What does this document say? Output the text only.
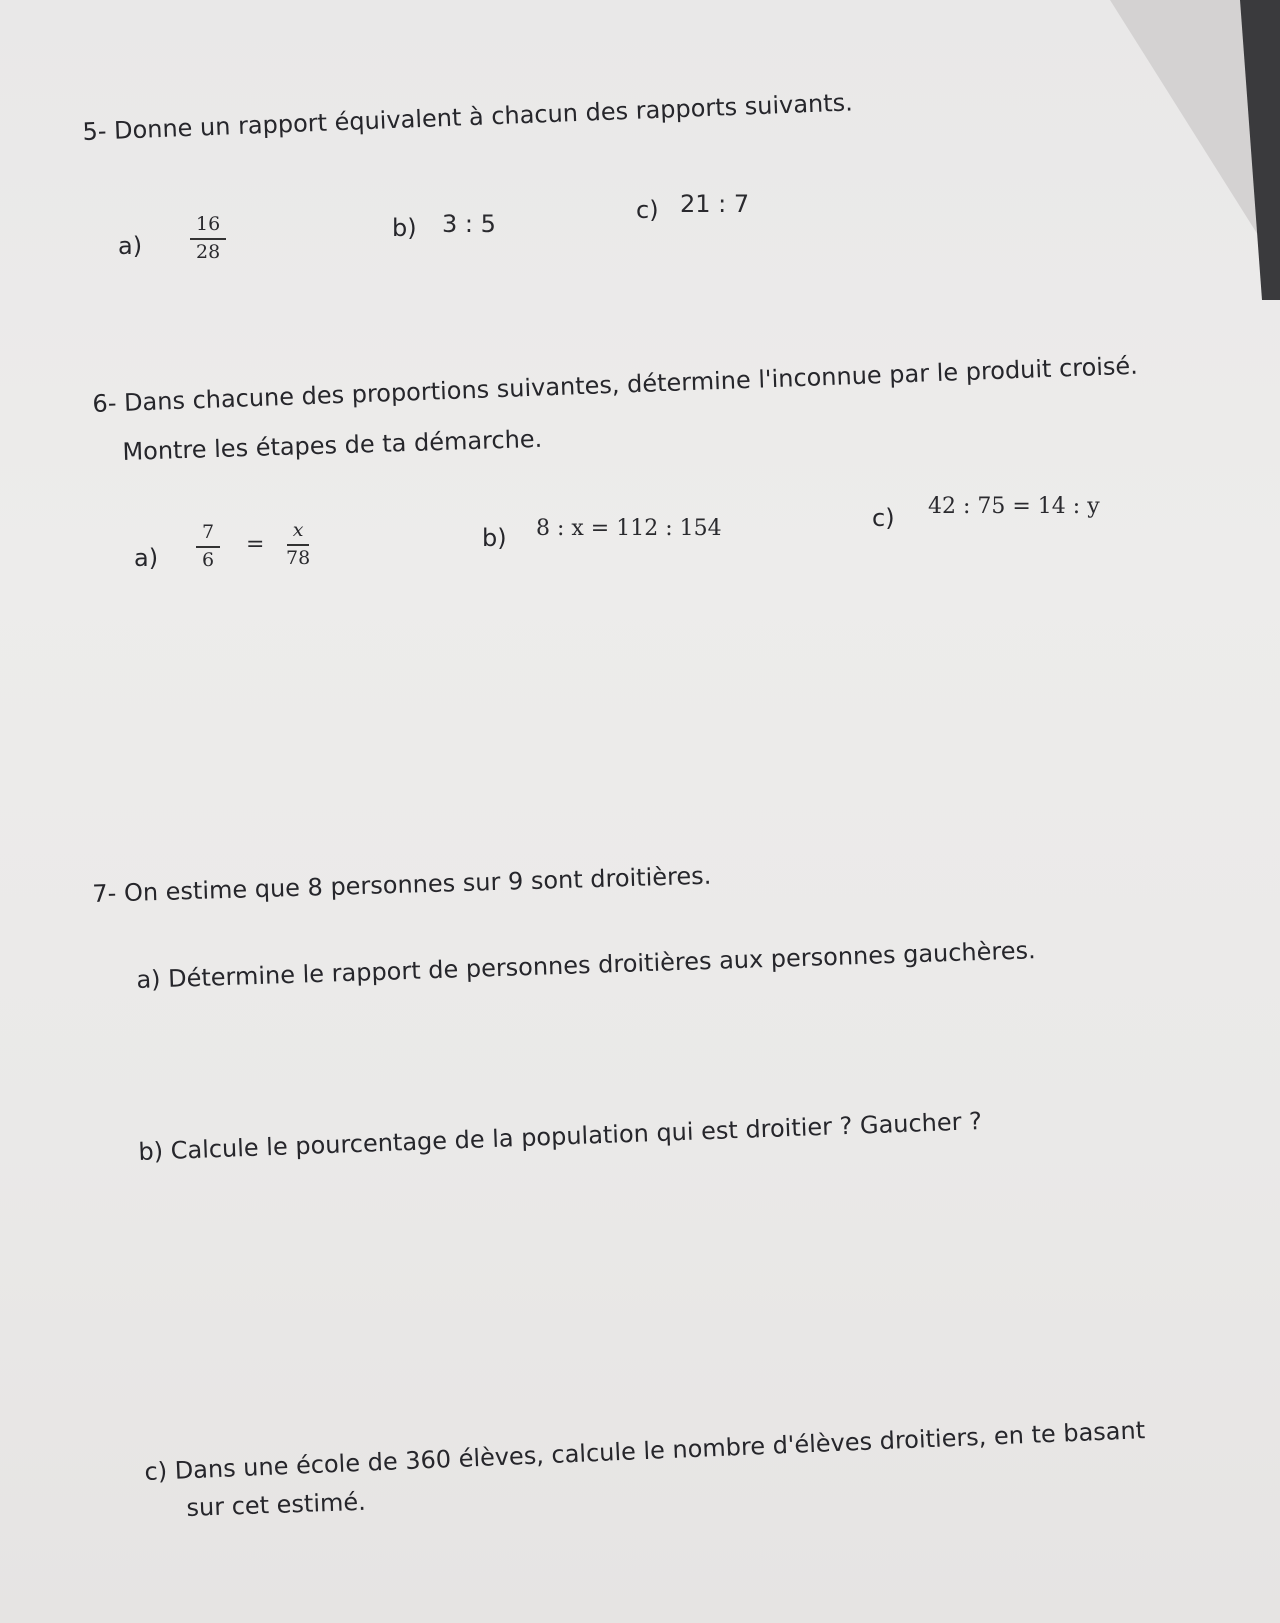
5- Donne un rapport équivalent à chacun des rapports suivants.
a)	$\frac{16}{28}$	b) 3 : 5	c) 21 : 7
6- Dans chacune des proportions suivantes, détermine l'inconnue par le produit croisé.
Montre les étapes de ta démarche.
$a) \frac{7}{6} = \frac{x}{78}$	b) 8 : x = 112 : 154	c) 42 : 75 = 14 : y
7- On estime que 8 personnes sur 9 sont droitières.
a) Détermine le rapport de personnes droitières aux personnes gauchères.
b) Calcule le pourcentage de la population qui est droitier ? Gaucher ?
c) Dans une école de 360 élèves, calcule le nombre d'élèves droitiers, en te basant
sur cet estimé.
